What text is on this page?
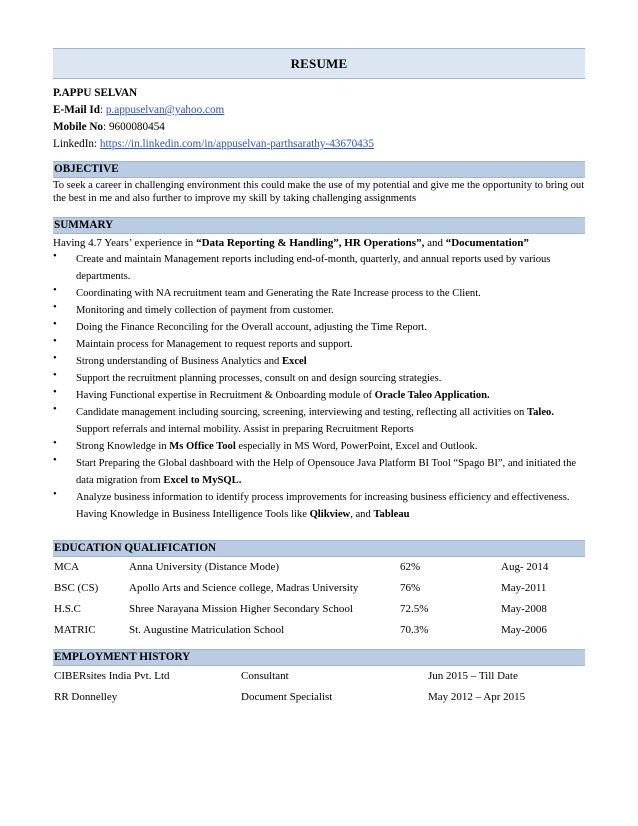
RESUME
P.APPU SELVAN
E-Mail Id: p.appuselvan@yahoo.com
Mobile No: 9600080454
LinkedIn: https://in.linkedin.com/in/appuselvan-parthsarathy-43670435
OBJECTIVE
To seek a career in challenging environment this could make the use of my potential and give me the opportunity to bring out the best in me and also further to improve my skill by taking challenging assignments
SUMMARY
Having 4.7 Years’ experience in “Data Reporting & Handling”, HR Operations”, and “Documentation”
•	Create and maintain Management reports including end-of-month, quarterly, and annual reports used by various departments.
•	Coordinating with NA recruitment team and Generating the Rate Increase process to the Client.
•	Monitoring and timely collection of payment from customer.
•	Doing the Finance Reconciling for the Overall account, adjusting the Time Report.
•	Maintain process for Management to request reports and support.
•	Strong understanding of Business Analytics and Excel
•	Support the recruitment planning processes, consult on and design sourcing strategies.
•	Having Functional expertise in Recruitment & Onboarding module of Oracle Taleo Application.
•	Candidate management including sourcing, screening, interviewing and testing, reflecting all activities on Taleo. Support referrals and internal mobility. Assist in preparing Recruitment Reports
•	Strong Knowledge in Ms Office Tool especially in MS Word, PowerPoint, Excel and Outlook.
•	Start Preparing the Global dashboard with the Help of Opensouce Java Platform BI Tool “Spago BI”, and initiated the data migration from Excel to MySQL.
•	Analyze business information to identify process improvements for increasing business efficiency and effectiveness. Having Knowledge in Business Intelligence Tools like Qlikview, and Tableau
EDUCATION QUALIFICATION
MCA	Anna University (Distance Mode)	62%	Aug- 2014
BSC (CS)	Apollo Arts and Science college, Madras University	76%	May-2011
H.S.C	Shree Narayana Mission Higher Secondary School	72.5%	May-2008
MATRIC	St. Augustine Matriculation School	70.3%	May-2006
EMPLOYMENT HISTORY
CIBERsites India Pvt. Ltd	Consultant	Jun 2015 – Till Date
RR Donnelley	Document Specialist	May 2012 – Apr 2015
